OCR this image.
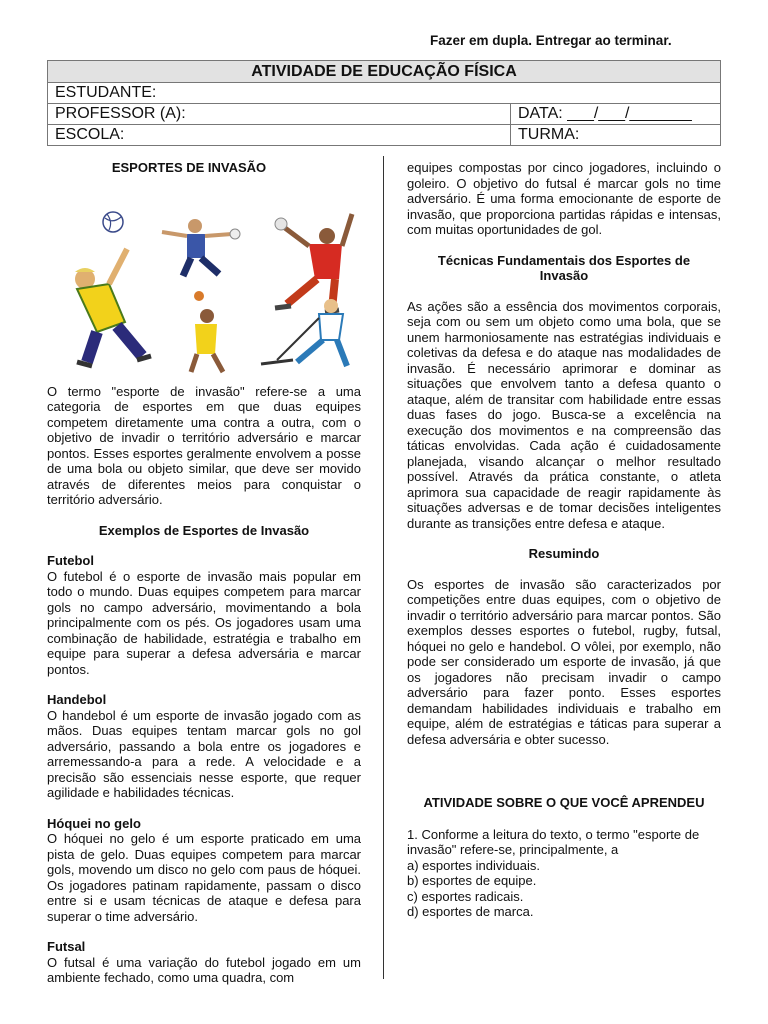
Fazer em dupla. Entregar ao terminar.
ATIVIDADE DE EDUCAÇÃO FÍSICA
ESTUDANTE:
PROFESSOR (A):	DATA: ___/___/_______
ESCOLA:	TURMA:

ESPORTES DE INVASÃO

O termo "esporte de invasão" refere-se a uma categoria de esportes em que duas equipes competem diretamente uma contra a outra, com o objetivo de invadir o território adversário e marcar pontos. Esses esportes geralmente envolvem a posse de uma bola ou objeto similar, que deve ser movido através de diferentes meios para conquistar o território adversário.

Exemplos de Esportes de Invasão

Futebol

O futebol é o esporte de invasão mais popular em todo o mundo. Duas equipes competem para marcar gols no campo adversário, movimentando a bola principalmente com os pés. Os jogadores usam uma combinação de habilidade, estratégia e trabalho em equipe para superar a defesa adversária e marcar pontos.

Handebol

O handebol é um esporte de invasão jogado com as mãos. Duas equipes tentam marcar gols no gol adversário, passando a bola entre os jogadores e arremessando-a para a rede. A velocidade e a precisão são essenciais nesse esporte, que requer agilidade e habilidades técnicas.

Hóquei no gelo

O hóquei no gelo é um esporte praticado em uma pista de gelo. Duas equipes competem para marcar gols, movendo um disco no gelo com paus de hóquei. Os jogadores patinam rapidamente, passam o disco entre si e usam técnicas de ataque e defesa para superar o time adversário.

Futsal

O futsal é uma variação do futebol jogado em um ambiente fechado, como uma quadra, com

equipes compostas por cinco jogadores, incluindo o goleiro. O objetivo do futsal é marcar gols no time adversário. É uma forma emocionante de esporte de invasão, que proporciona partidas rápidas e intensas, com muitas oportunidades de gol.

Técnicas Fundamentais dos Esportes de Invasão

As ações são a essência dos movimentos corporais, seja com ou sem um objeto como uma bola, que se unem harmoniosamente nas estratégias individuais e coletivas da defesa e do ataque nas modalidades de invasão. É necessário aprimorar e dominar as situações que envolvem tanto a defesa quanto o ataque, além de transitar com habilidade entre essas duas fases do jogo. Busca-se a excelência na execução dos movimentos e na compreensão das táticas envolvidas. Cada ação é cuidadosamente planejada, visando alcançar o melhor resultado possível. Através da prática constante, o atleta aprimora sua capacidade de reagir rapidamente às situações adversas e de tomar decisões inteligentes durante as transições entre defesa e ataque.

Resumindo

Os esportes de invasão são caracterizados por competições entre duas equipes, com o objetivo de invadir o território adversário para marcar pontos. São exemplos desses esportes o futebol, rugby, futsal, hóquei no gelo e handebol. O vôlei, por exemplo, não pode ser considerado um esporte de invasão, já que os jogadores não precisam invadir o campo adversário para fazer ponto. Esses esportes demandam habilidades individuais e trabalho em equipe, além de estratégias e táticas para superar a defesa adversária e obter sucesso.

ATIVIDADE SOBRE O QUE VOCÊ APRENDEU

1. Conforme a leitura do texto, o termo "esporte de invasão" refere-se, principalmente, a

a) esportes individuais.

b) esportes de equipe.

c) esportes radicais.

d) esportes de marca.
